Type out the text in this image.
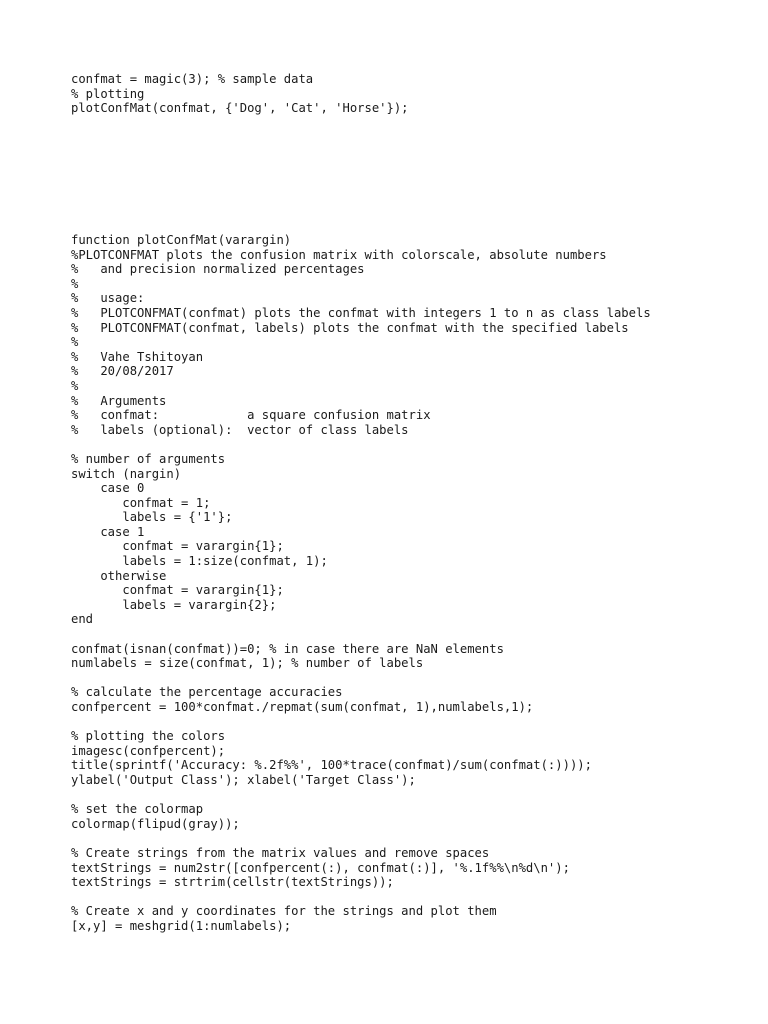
confmat = magic(3); % sample data
% plotting
plotConfMat(confmat, {'Dog', 'Cat', 'Horse'});
function plotConfMat(varargin)
%PLOTCONFMAT plots the confusion matrix with colorscale, absolute numbers
%   and precision normalized percentages
%
%   usage:
%   PLOTCONFMAT(confmat) plots the confmat with integers 1 to n as class labels
%   PLOTCONFMAT(confmat, labels) plots the confmat with the specified labels
%
%   Vahe Tshitoyan
%   20/08/2017
%
%   Arguments
%   confmat:            a square confusion matrix
%   labels (optional):  vector of class labels
% number of arguments
switch (nargin)
case 0
confmat = 1;
labels = {'1'};
case 1
confmat = varargin{1};
labels = 1:size(confmat, 1);
otherwise
confmat = varargin{1};
labels = varargin{2};
end
confmat(isnan(confmat))=0; % in case there are NaN elements
numlabels = size(confmat, 1); % number of labels
% calculate the percentage accuracies
confpercent = 100*confmat./repmat(sum(confmat, 1),numlabels,1);
% plotting the colors
imagesc(confpercent);
title(sprintf('Accuracy: %.2f%%', 100*trace(confmat)/sum(confmat(:))));
ylabel('Output Class'); xlabel('Target Class');
% set the colormap
colormap(flipud(gray));
% Create strings from the matrix values and remove spaces
textStrings = num2str([confpercent(:), confmat(:)], '%.1f%%\n%d\n');
textStrings = strtrim(cellstr(textStrings));
% Create x and y coordinates for the strings and plot them
[x,y] = meshgrid(1:numlabels);
